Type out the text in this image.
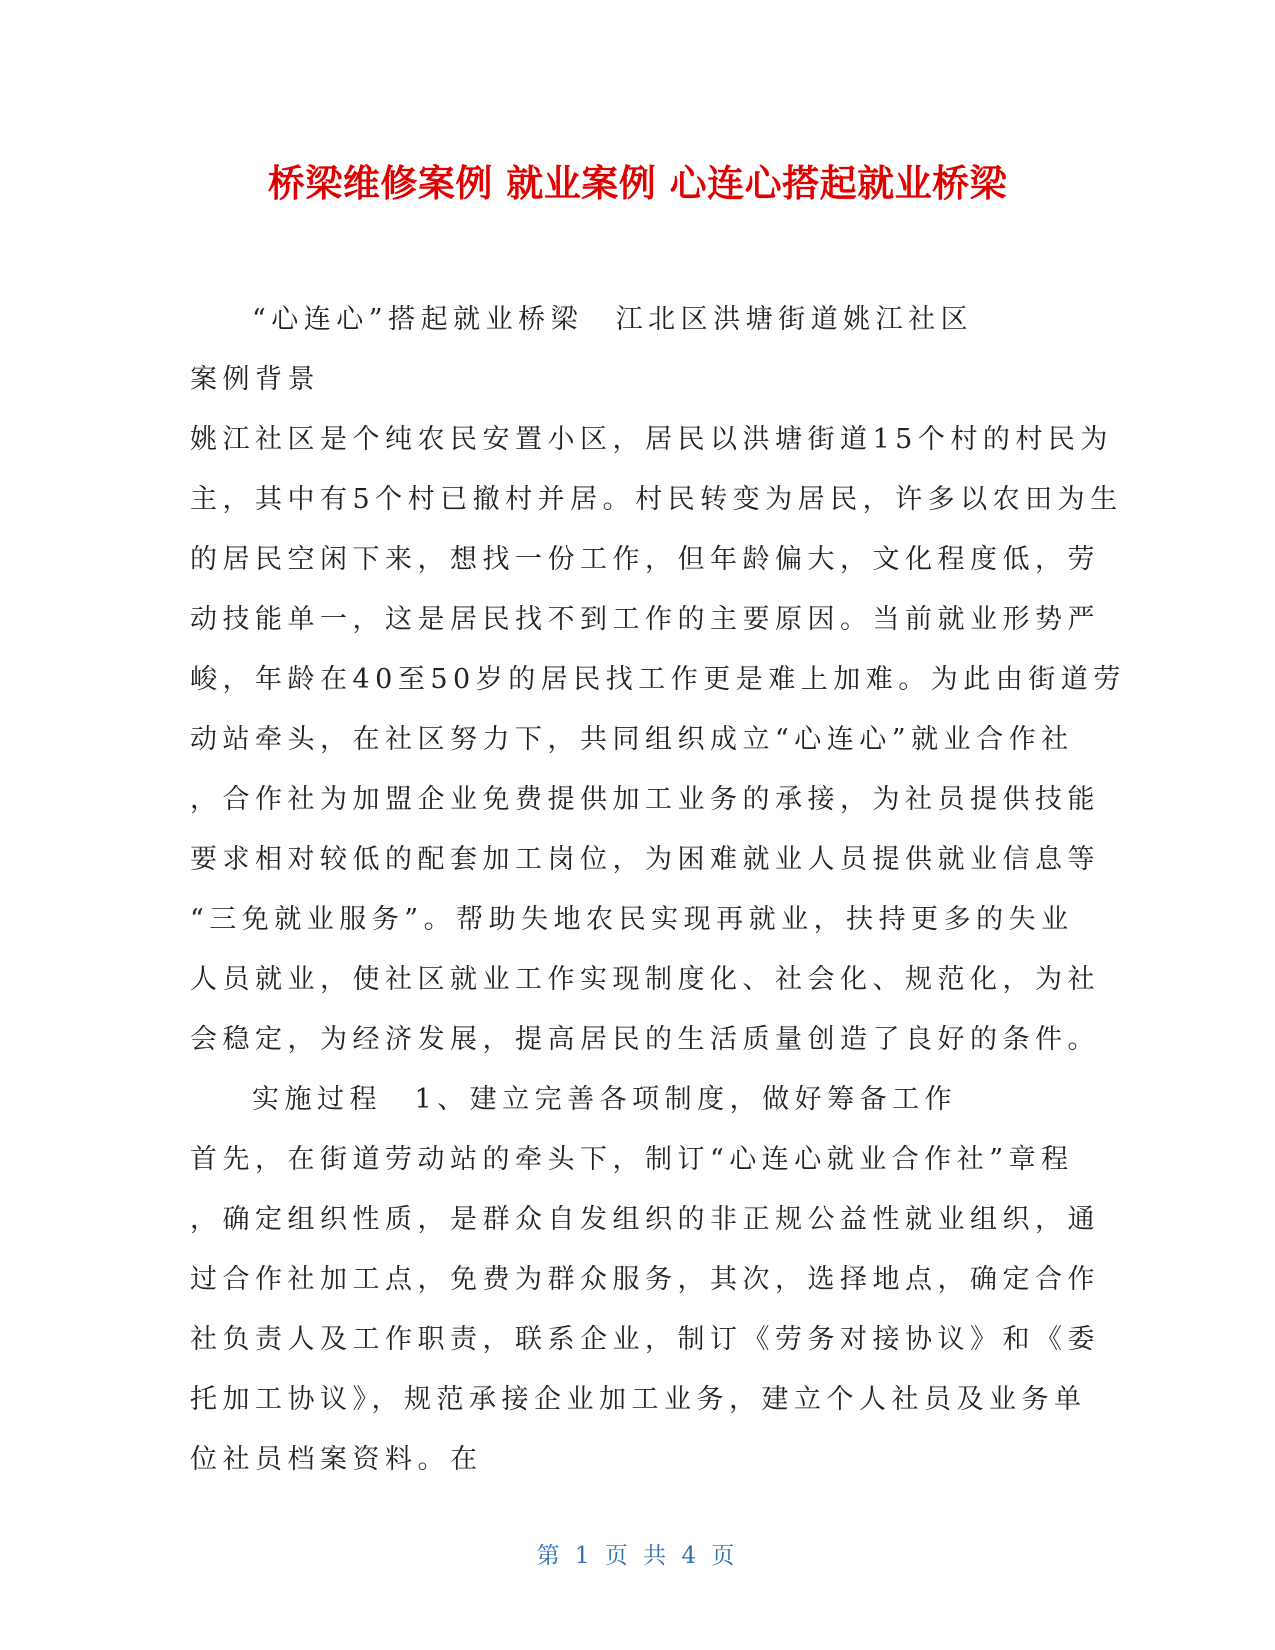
桥梁维修案例 就业案例 心连心搭起就业桥梁
“心连心”搭起就业桥梁　江北区洪塘街道姚江社区
案例背景
姚江社区是个纯农民安置小区，居民以洪塘街道15个村的村民为
主，其中有5个村已撤村并居。村民转变为居民，许多以农田为生
的居民空闲下来，想找一份工作，但年龄偏大，文化程度低，劳
动技能单一，这是居民找不到工作的主要原因。当前就业形势严
峻，年龄在40至50岁的居民找工作更是难上加难。为此由街道劳
动站牵头，在社区努力下，共同组织成立“心连心”就业合作社
，合作社为加盟企业免费提供加工业务的承接，为社员提供技能
要求相对较低的配套加工岗位，为困难就业人员提供就业信息等
“三免就业服务”。帮助失地农民实现再就业，扶持更多的失业
人员就业，使社区就业工作实现制度化、社会化、规范化，为社
会稳定，为经济发展，提高居民的生活质量创造了良好的条件。
实施过程　1、建立完善各项制度，做好筹备工作
首先，在街道劳动站的牵头下，制订“心连心就业合作社”章程
，确定组织性质，是群众自发组织的非正规公益性就业组织，通
过合作社加工点，免费为群众服务，其次，选择地点，确定合作
社负责人及工作职责，联系企业，制订《劳务对接协议》和《委
托加工协议》，规范承接企业加工业务，建立个人社员及业务单
位社员档案资料。在
第 1 页 共 4 页
